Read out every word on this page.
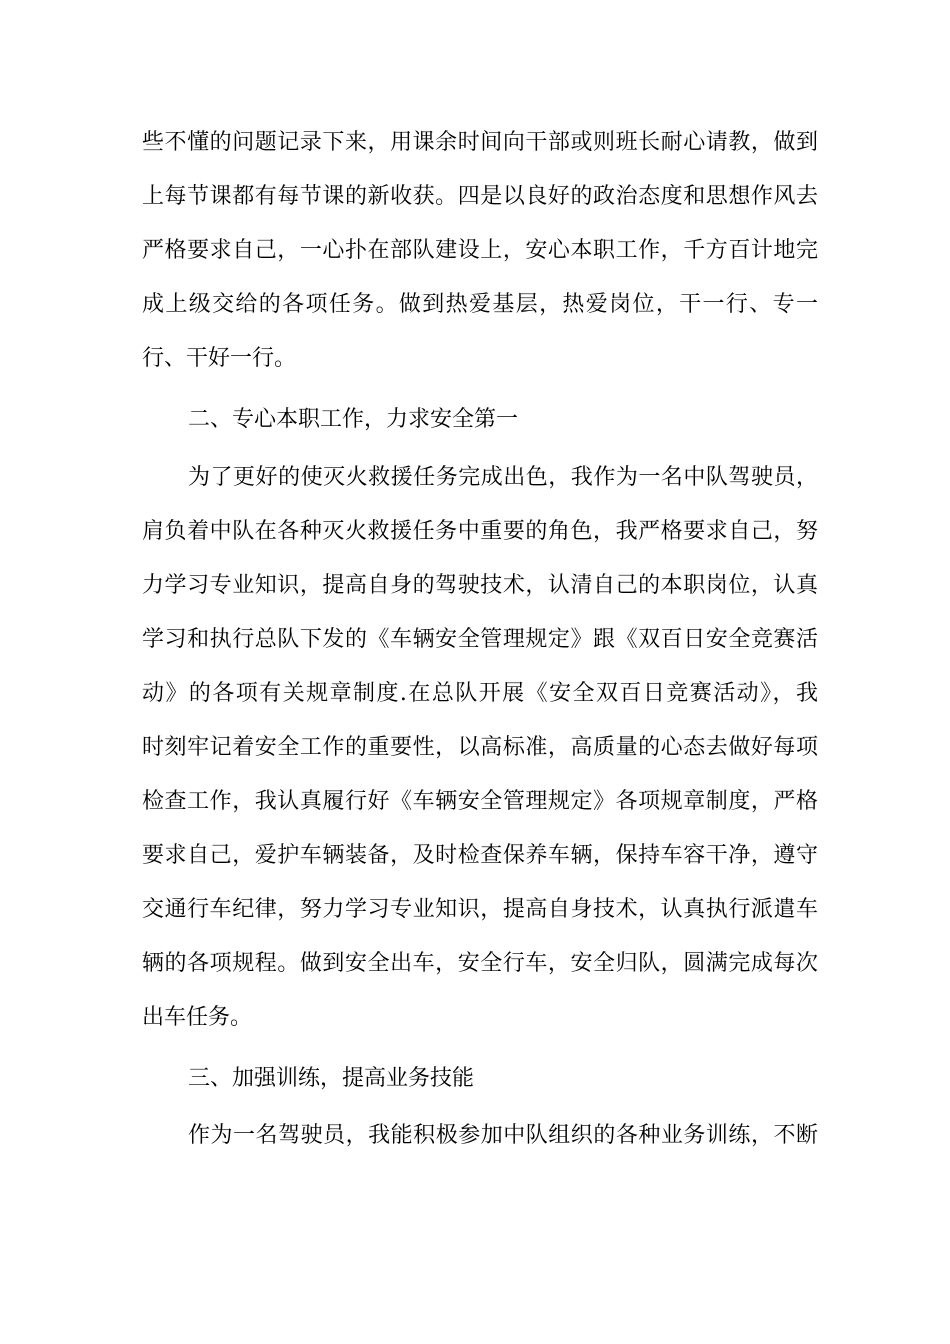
些不懂的问题记录下来，用课余时间向干部或则班长耐心请教，做到
上每节课都有每节课的新收获。四是以良好的政治态度和思想作风去
严格要求自己，一心扑在部队建设上，安心本职工作，千方百计地完
成上级交给的各项任务。做到热爱基层，热爱岗位，干一行、专一
行、干好一行。
二、专心本职工作，力求安全第一
为了更好的使灭火救援任务完成出色，我作为一名中队驾驶员，
肩负着中队在各种灭火救援任务中重要的角色，我严格要求自己，努
力学习专业知识，提高自身的驾驶技术，认清自己的本职岗位，认真
学习和执行总队下发的《车辆安全管理规定》跟《双百日安全竞赛活
动》的各项有关规章制度.在总队开展《安全双百日竞赛活动》，我
时刻牢记着安全工作的重要性，以高标准，高质量的心态去做好每项
检查工作，我认真履行好《车辆安全管理规定》各项规章制度，严格
要求自己，爱护车辆装备，及时检查保养车辆，保持车容干净，遵守
交通行车纪律，努力学习专业知识，提高自身技术，认真执行派遣车
辆的各项规程。做到安全出车，安全行车，安全归队，圆满完成每次
出车任务。
三、加强训练，提高业务技能
作为一名驾驶员，我能积极参加中队组织的各种业务训练，不断
